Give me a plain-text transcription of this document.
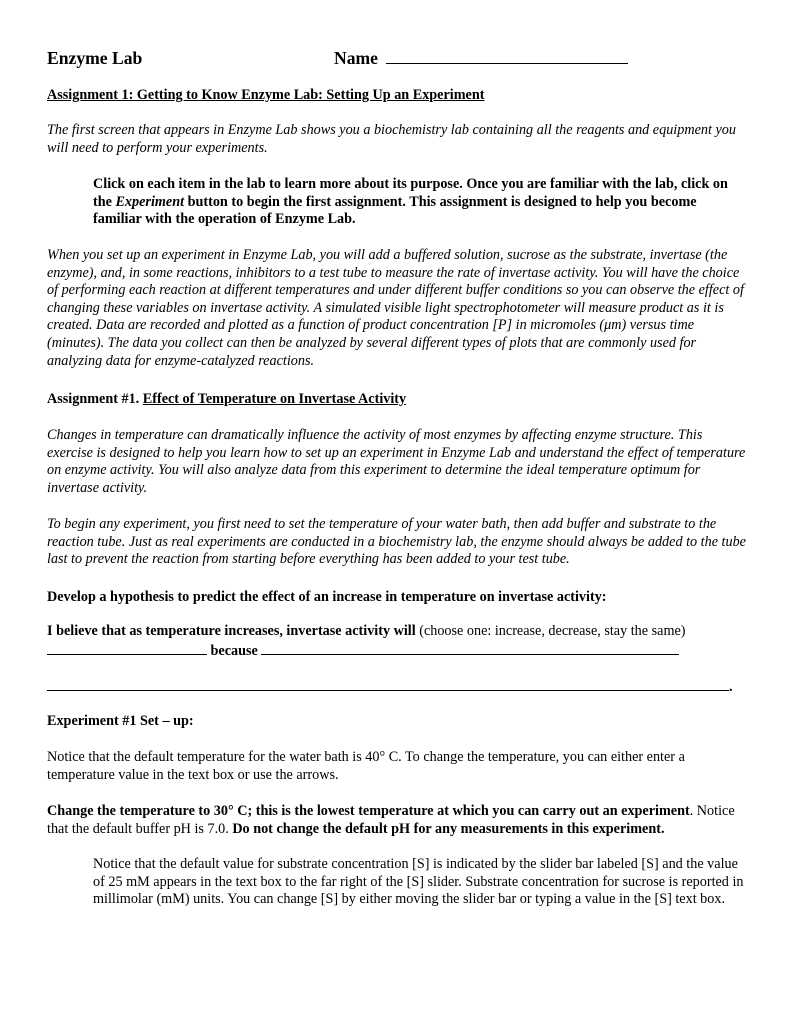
Enzyme Lab	Name
Assignment 1: Getting to Know Enzyme Lab: Setting Up an Experiment
The first screen that appears in Enzyme Lab shows you a biochemistry lab containing all the reagents and equipment you will need to perform your experiments.
Click on each item in the lab to learn more about its purpose. Once you are familiar with the lab, click on the Experiment button to begin the first assignment. This assignment is designed to help you become familiar with the operation of Enzyme Lab.
When you set up an experiment in Enzyme Lab, you will add a buffered solution, sucrose as the substrate, invertase (the enzyme), and, in some reactions, inhibitors to a test tube to measure the rate of invertase activity. You will have the choice of performing each reaction at different temperatures and under different buffer conditions so you can observe the effect of changing these variables on invertase activity. A simulated visible light spectrophotometer will measure product as it is created. Data are recorded and plotted as a function of product concentration [P] in micromoles (μm) versus time (minutes). The data you collect can then be analyzed by several different types of plots that are commonly used for analyzing data for enzyme-catalyzed reactions.
Assignment #1. Effect of Temperature on Invertase Activity
Changes in temperature can dramatically influence the activity of most enzymes by affecting enzyme structure. This exercise is designed to help you learn how to set up an experiment in Enzyme Lab and understand the effect of temperature on enzyme activity. You will also analyze data from this experiment to determine the ideal temperature optimum for invertase activity.
To begin any experiment, you first need to set the temperature of your water bath, then add buffer and substrate to the reaction tube. Just as real experiments are conducted in a biochemistry lab, the enzyme should always be added to the tube last to prevent the reaction from starting before everything has been added to your test tube.
Develop a hypothesis to predict the effect of an increase in temperature on invertase activity:
I believe that as temperature increases, invertase activity will (choose one: increase, decrease, stay the same)  because
.
Experiment #1 Set – up:
Notice that the default temperature for the water bath is 40° C. To change the temperature, you can either enter a temperature value in the text box or use the arrows.
Change the temperature to 30° C; this is the lowest temperature at which you can carry out an experiment. Notice that the default buffer pH is 7.0. Do not change the default pH for any measurements in this experiment.
Notice that the default value for substrate concentration [S] is indicated by the slider bar labeled [S] and the value of 25 mM appears in the text box to the far right of the [S] slider. Substrate concentration for sucrose is reported in millimolar (mM) units. You can change [S] by either moving the slider bar or typing a value in the [S] text box.
